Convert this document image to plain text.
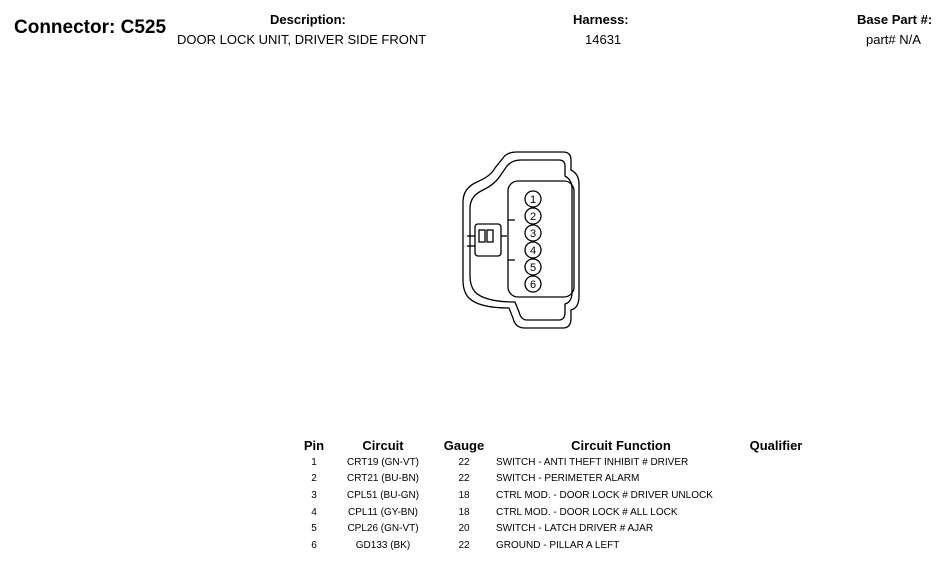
Connector: C525	Description:
DOOR LOCK UNIT, DRIVER SIDE FRONT
Harness:
14631
Base Part #:
part# N/A
1
2
3
4
5
6
Pin	Circuit	Gauge	Circuit Function	Qualifier
1	CRT19 (GN-VT)	22	SWITCH - ANTI THEFT INHIBIT # DRIVER	
2	CRT21 (BU-BN)	22	SWITCH - PERIMETER ALARM	
3	CPL51 (BU-GN)	18	CTRL MOD. - DOOR LOCK # DRIVER UNLOCK	
4	CPL11 (GY-BN)	18	CTRL MOD. - DOOR LOCK # ALL LOCK	
5	CPL26 (GN-VT)	20	SWITCH - LATCH DRIVER # AJAR	
6	GD133 (BK)	22	GROUND - PILLAR A LEFT	
